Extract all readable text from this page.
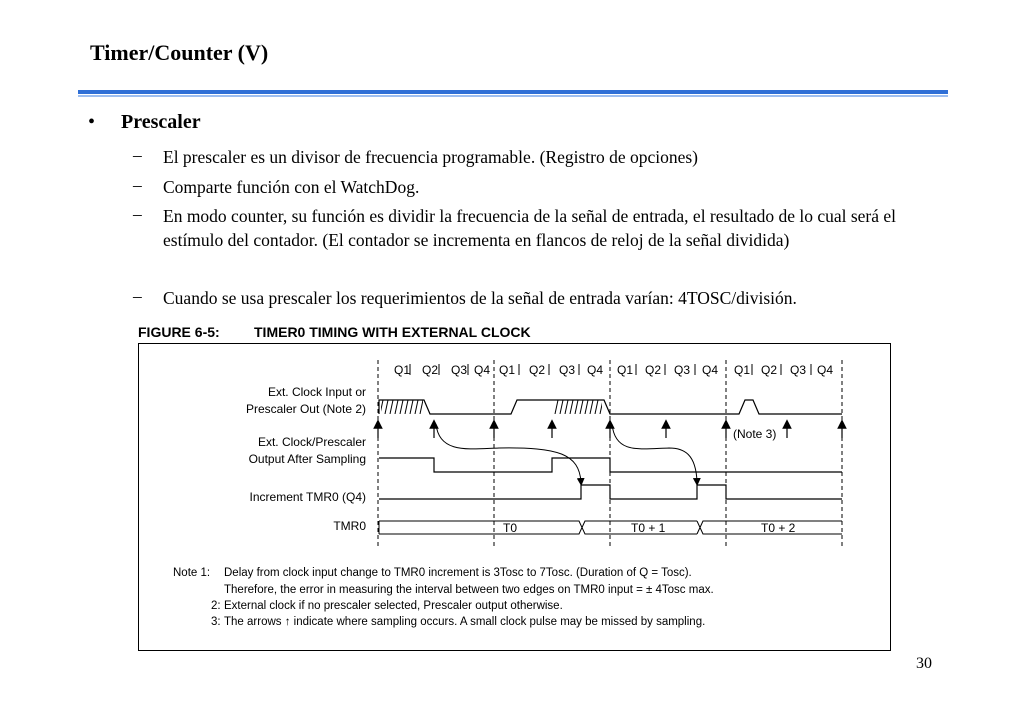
Timer/Counter (V)
• Prescaler
– El prescaler es un divisor de frecuencia programable. (Registro de opciones)
– Comparte función con el WatchDog.
– En modo counter, su función es dividir la frecuencia de la señal de entrada, el resultado de lo cual será el estímulo del contador. (El contador se incrementa en flancos de reloj de la señal dividida)
– Cuando se usa prescaler los requerimientos de la señal de entrada varían: 4TOSC/división.
FIGURE 6-5: TIMER0 TIMING WITH EXTERNAL CLOCK
Q1 Q2 Q3 Q4 Q1 Q2 Q3 Q4 Q1 Q2 Q3 Q4 Q1 Q2 Q3 Q4
Ext. Clock Input or
Prescaler Out (Note 2)
Ext. Clock/Prescaler
Output After Sampling
Increment TMR0 (Q4)
TMR0
(Note 3)
T0	T0 + 1	T0 + 2
Note 1: Delay from clock input change to TMR0 increment is 3Tosc to 7Tosc. (Duration of Q = Tosc).
Therefore, the error in measuring the interval between two edges on TMR0 input = ± 4Tosc max.
2: External clock if no prescaler selected, Prescaler output otherwise.
3: The arrows ↑ indicate where sampling occurs. A small clock pulse may be missed by sampling.
30
